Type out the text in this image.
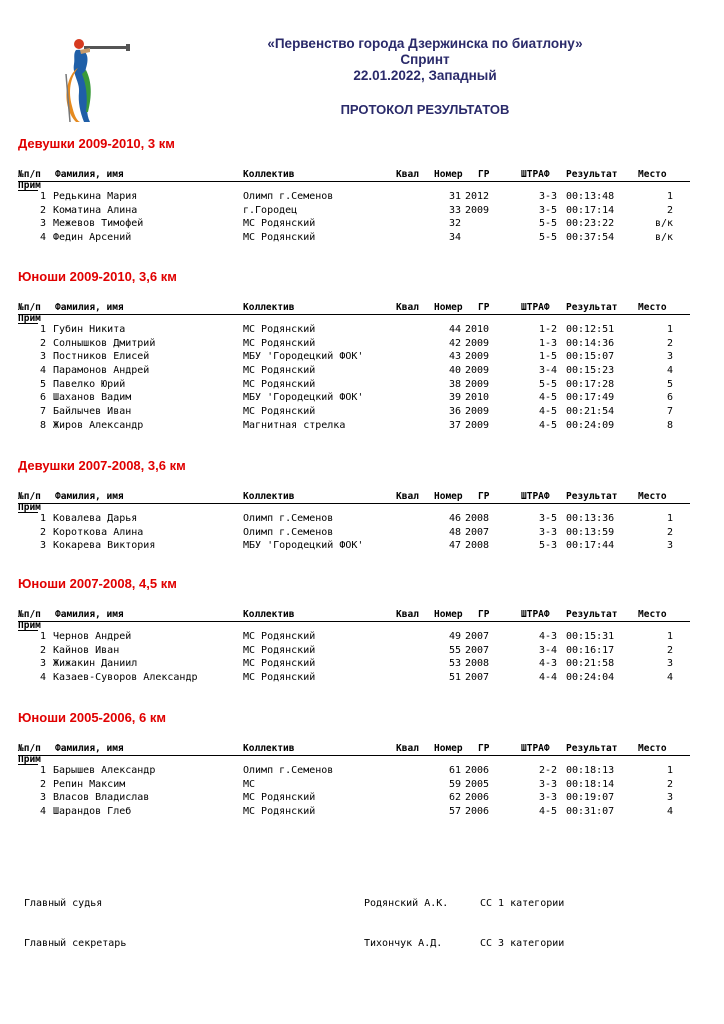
«Первенство города Дзержинска по биатлону»
Спринт
22.01.2022, Западный
ПРОТОКОЛ РЕЗУЛЬТАТОВ
Девушки 2009-2010, 3 км
№п/п Фамилия, имя	Коллектив	Квал Номер ГР	ШТРАФ Результат Место
Прим
1 Редькина Мария	Олимп г.Семенов	31 2012	3-3 00:13:48	1
2 Коматина Алина	г.Городец	33 2009	3-5 00:17:14	2
3 Межевов Тимофей	МС Родянский	32	5-5 00:23:22	в/к
4 Федин Арсений	МС Родянский	34	5-5 00:37:54	в/к
Юноши 2009-2010, 3,6 км
№п/п Фамилия, имя	Коллектив	Квал Номер ГР	ШТРАФ Результат Место
Прим
1 Губин Никита	МС Родянский	44 2010	1-2 00:12:51	1
2 Солнышков Дмитрий	МС Родянский	42 2009	1-3 00:14:36	2
3 Постников Елисей	МБУ 'Городецкий ФОК'	43 2009	1-5 00:15:07	3
4 Парамонов Андрей	МС Родянский	40 2009	3-4 00:15:23	4
5 Павелко Юрий	МС Родянский	38 2009	5-5 00:17:28	5
6 Шаханов Вадим	МБУ 'Городецкий ФОК'	39 2010	4-5 00:17:49	6
7 Байлычев Иван	МС Родянский	36 2009	4-5 00:21:54	7
8 Жиров Александр	Магнитная стрелка	37 2009	4-5 00:24:09	8
Девушки 2007-2008, 3,6 км
№п/п Фамилия, имя	Коллектив	Квал Номер ГР	ШТРАФ Результат Место
Прим
1 Ковалева Дарья	Олимп г.Семенов	46 2008	3-5 00:13:36	1
2 Короткова Алина	Олимп г.Семенов	48 2007	3-3 00:13:59	2
3 Кокарева Виктория	МБУ 'Городецкий ФОК'	47 2008	5-3 00:17:44	3
Юноши 2007-2008, 4,5 км
№п/п Фамилия, имя	Коллектив	Квал Номер ГР	ШТРАФ Результат Место
Прим
1 Чернов Андрей	МС Родянский	49 2007	4-3 00:15:31	1
2 Кайнов Иван	МС Родянский	55 2007	3-4 00:16:17	2
3 Жижакин Даниил	МС Родянский	53 2008	4-3 00:21:58	3
4 Казаев-Суворов Александр	МС Родянский	51 2007	4-4 00:24:04	4
Юноши 2005-2006, 6 км
№п/п Фамилия, имя	Коллектив	Квал Номер ГР	ШТРАФ Результат Место
Прим
1 Барышев Александр	Олимп г.Семенов	61 2006	2-2 00:18:13	1
2 Репин Максим	МС	59 2005	3-3 00:18:14	2
3 Власов Владислав	МС Родянский	62 2006	3-3 00:19:07	3
4 Шарандов Глеб	МС Родянский	57 2006	4-5 00:31:07	4
Главный судья	Родянский А.К.	СС 1 категории
Главный секретарь	Тихончук А.Д.	СС 3 категории
